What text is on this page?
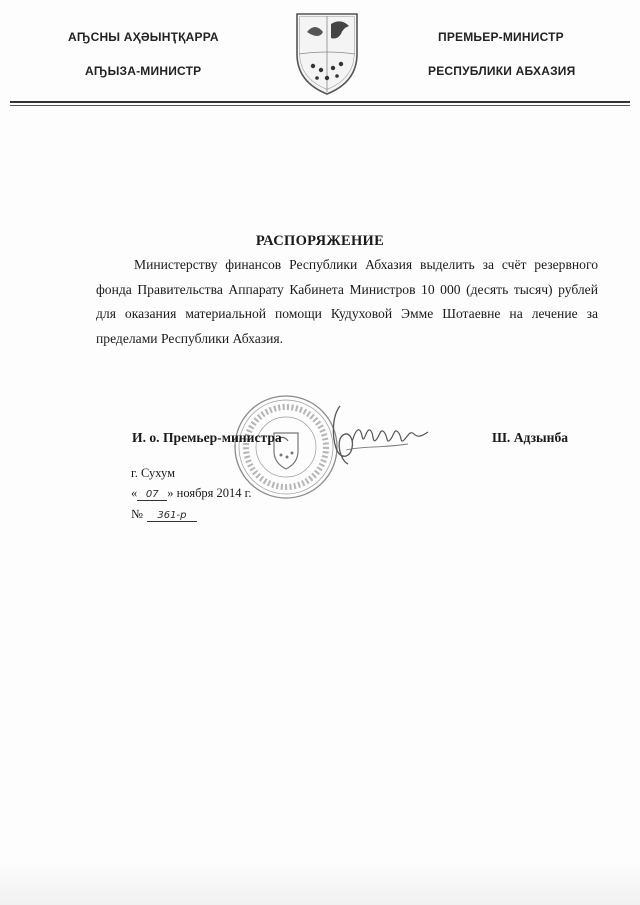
АҦСНЫ АҲӘЫНҬҚАРРА
АҦЫЗА-МИНИСТР
ПРЕМЬЕР-МИНИСТР
РЕСПУБЛИКИ АБХАЗИЯ
РАСПОРЯЖЕНИЕ
Министерству финансов Республики Абхазия выделить за счёт резервного фонда Правительства Аппарату Кабинета Министров 10 000 (десять тысяч) рублей для оказания материальной помощи Кудуховой Эмме Шотаевне на лечение за пределами Республики Абхазия.
И. о. Премьер-министра	Ш. Адзынба
г. Сухум
« 07 » ноября 2014 г.
№ 361-р
